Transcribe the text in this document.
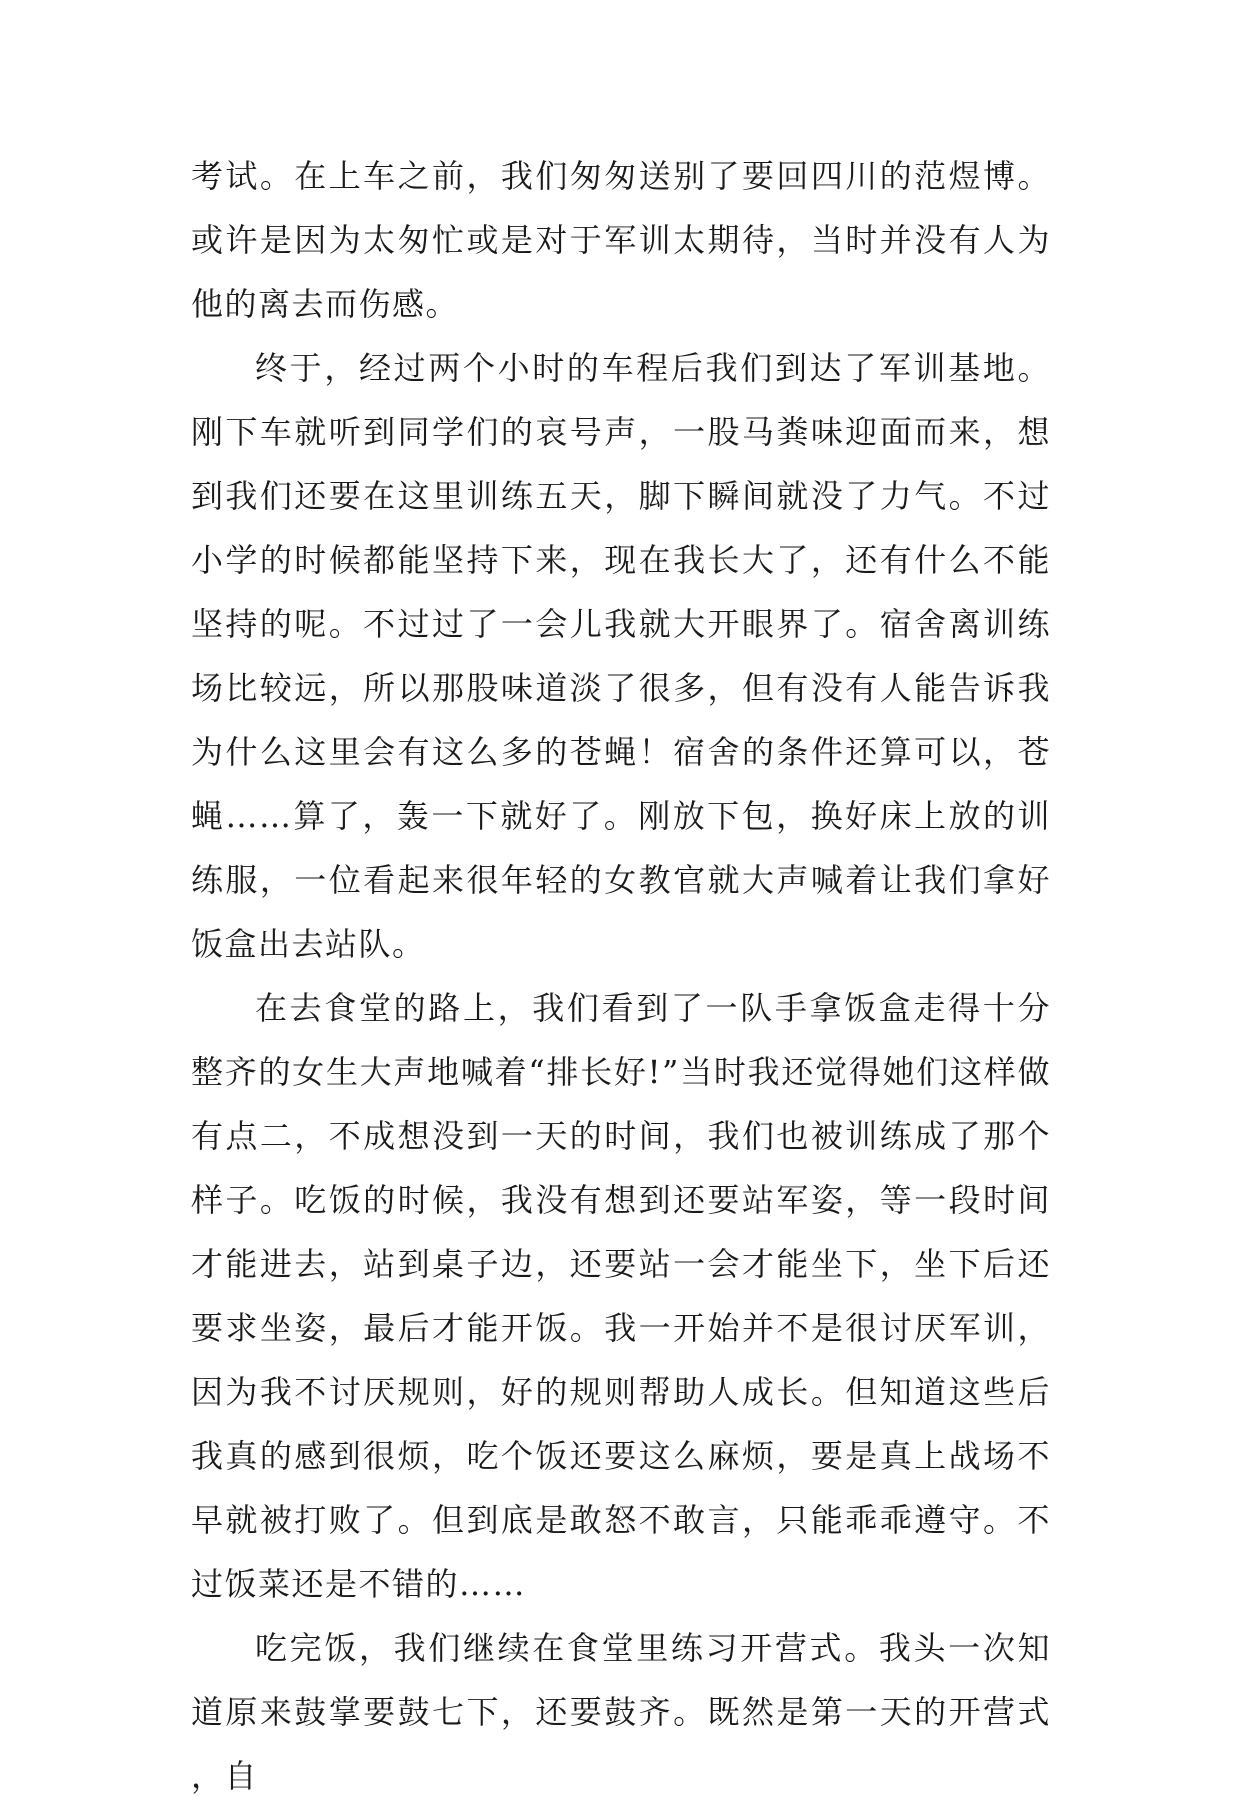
考试。在上车之前，我们匆匆送别了要回四川的范煜博。或许是因为太匆忙或是对于军训太期待，当时并没有人为他的离去而伤感。

终于，经过两个小时的车程后我们到达了军训基地。刚下车就听到同学们的哀号声，一股马粪味迎面而来，想到我们还要在这里训练五天，脚下瞬间就没了力气。不过小学的时候都能坚持下来，现在我长大了，还有什么不能坚持的呢。不过过了一会儿我就大开眼界了。宿舍离训练场比较远，所以那股味道淡了很多，但有没有人能告诉我为什么这里会有这么多的苍蝇！宿舍的条件还算可以，苍蝇……算了，轰一下就好了。刚放下包，换好床上放的训练服，一位看起来很年轻的女教官就大声喊着让我们拿好饭盒出去站队。

在去食堂的路上，我们看到了一队手拿饭盒走得十分整齐的女生大声地喊着“排长好!”当时我还觉得她们这样做有点二，不成想没到一天的时间，我们也被训练成了那个样子。吃饭的时候，我没有想到还要站军姿，等一段时间才能进去，站到桌子边，还要站一会才能坐下，坐下后还要求坐姿，最后才能开饭。我一开始并不是很讨厌军训，因为我不讨厌规则，好的规则帮助人成长。但知道这些后我真的感到很烦，吃个饭还要这么麻烦，要是真上战场不早就被打败了。但到底是敢怒不敢言，只能乖乖遵守。不过饭菜还是不错的……

吃完饭，我们继续在食堂里练习开营式。我头一次知道原来鼓掌要鼓七下，还要鼓齐。既然是第一天的开营式，自
